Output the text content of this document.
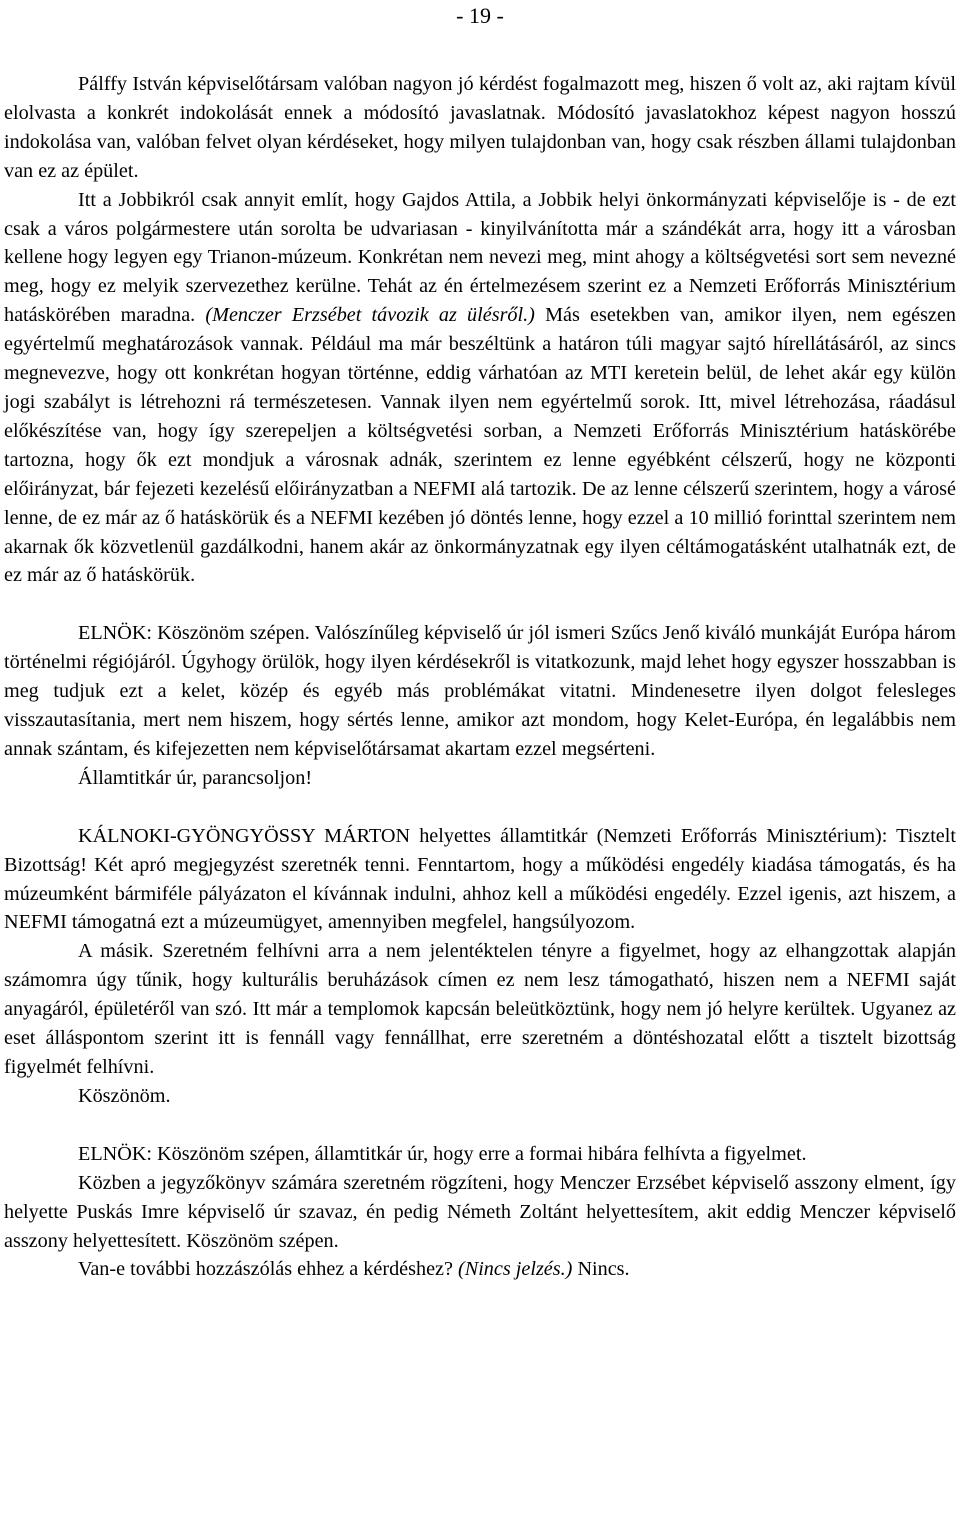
- 19 -

Pálffy István képviselőtársam valóban nagyon jó kérdést fogalmazott meg, hiszen ő volt az, aki rajtam kívül elolvasta a konkrét indokolását ennek a módosító javaslatnak. Módosító javaslatokhoz képest nagyon hosszú indokolása van, valóban felvet olyan kérdéseket, hogy milyen tulajdonban van, hogy csak részben állami tulajdonban van ez az épület.

Itt a Jobbikról csak annyit említ, hogy Gajdos Attila, a Jobbik helyi önkormányzati képviselője is - de ezt csak a város polgármestere után sorolta be udvariasan - kinyilvánította már a szándékát arra, hogy itt a városban kellene hogy legyen egy Trianon-múzeum. Konkrétan nem nevezi meg, mint ahogy a költségvetési sort sem nevezné meg, hogy ez melyik szervezethez kerülne. Tehát az én értelmezésem szerint ez a Nemzeti Erőforrás Minisztérium hatáskörében maradna. (Menczer Erzsébet távozik az ülésről.) Más esetekben van, amikor ilyen, nem egészen egyértelmű meghatározások vannak. Például ma már beszéltünk a határon túli magyar sajtó hírellátásáról, az sincs megnevezve, hogy ott konkrétan hogyan történne, eddig várhatóan az MTI keretein belül, de lehet akár egy külön jogi szabályt is létrehozni rá természetesen. Vannak ilyen nem egyértelmű sorok. Itt, mivel létrehozása, ráadásul előkészítése van, hogy így szerepeljen a költségvetési sorban, a Nemzeti Erőforrás Minisztérium hatáskörébe tartozna, hogy ők ezt mondjuk a városnak adnák, szerintem ez lenne egyébként célszerű, hogy ne központi előirányzat, bár fejezeti kezelésű előirányzatban a NEFMI alá tartozik. De az lenne célszerű szerintem, hogy a városé lenne, de ez már az ő hatáskörük és a NEFMI kezében jó döntés lenne, hogy ezzel a 10 millió forinttal szerintem nem akarnak ők közvetlenül gazdálkodni, hanem akár az önkormányzatnak egy ilyen céltámogatásként utalhatnák ezt, de ez már az ő hatáskörük.

ELNÖK: Köszönöm szépen. Valószínűleg képviselő úr jól ismeri Szűcs Jenő kiváló munkáját Európa három történelmi régiójáról. Úgyhogy örülök, hogy ilyen kérdésekről is vitatkozunk, majd lehet hogy egyszer hosszabban is meg tudjuk ezt a kelet, közép és egyéb más problémákat vitatni. Mindenesetre ilyen dolgot felesleges visszautasítania, mert nem hiszem, hogy sértés lenne, amikor azt mondom, hogy Kelet-Európa, én legalábbis nem annak szántam, és kifejezetten nem képviselőtársamat akartam ezzel megsérteni.

Államtitkár úr, parancsoljon!

KÁLNOKI-GYÖNGYÖSSY MÁRTON helyettes államtitkár (Nemzeti Erőforrás Minisztérium): Tisztelt Bizottság! Két apró megjegyzést szeretnék tenni. Fenntartom, hogy a működési engedély kiadása támogatás, és ha múzeumként bármiféle pályázaton el kívánnak indulni, ahhoz kell a működési engedély. Ezzel igenis, azt hiszem, a NEFMI támogatná ezt a múzeumügyet, amennyiben megfelel, hangsúlyozom.

A másik. Szeretném felhívni arra a nem jelentéktelen tényre a figyelmet, hogy az elhangzottak alapján számomra úgy tűnik, hogy kulturális beruházások címen ez nem lesz támogatható, hiszen nem a NEFMI saját anyagáról, épületéről van szó. Itt már a templomok kapcsán beleütköztünk, hogy nem jó helyre kerültek. Ugyanez az eset álláspontom szerint itt is fennáll vagy fennállhat, erre szeretném a döntéshozatal előtt a tisztelt bizottság figyelmét felhívni.

Köszönöm.

ELNÖK: Köszönöm szépen, államtitkár úr, hogy erre a formai hibára felhívta a figyelmet.

Közben a jegyzőkönyv számára szeretném rögzíteni, hogy Menczer Erzsébet képviselő asszony elment, így helyette Puskás Imre képviselő úr szavaz, én pedig Németh Zoltánt helyettesítem, akit eddig Menczer képviselő asszony helyettesített. Köszönöm szépen.

Van-e további hozzászólás ehhez a kérdéshez? (Nincs jelzés.) Nincs.
